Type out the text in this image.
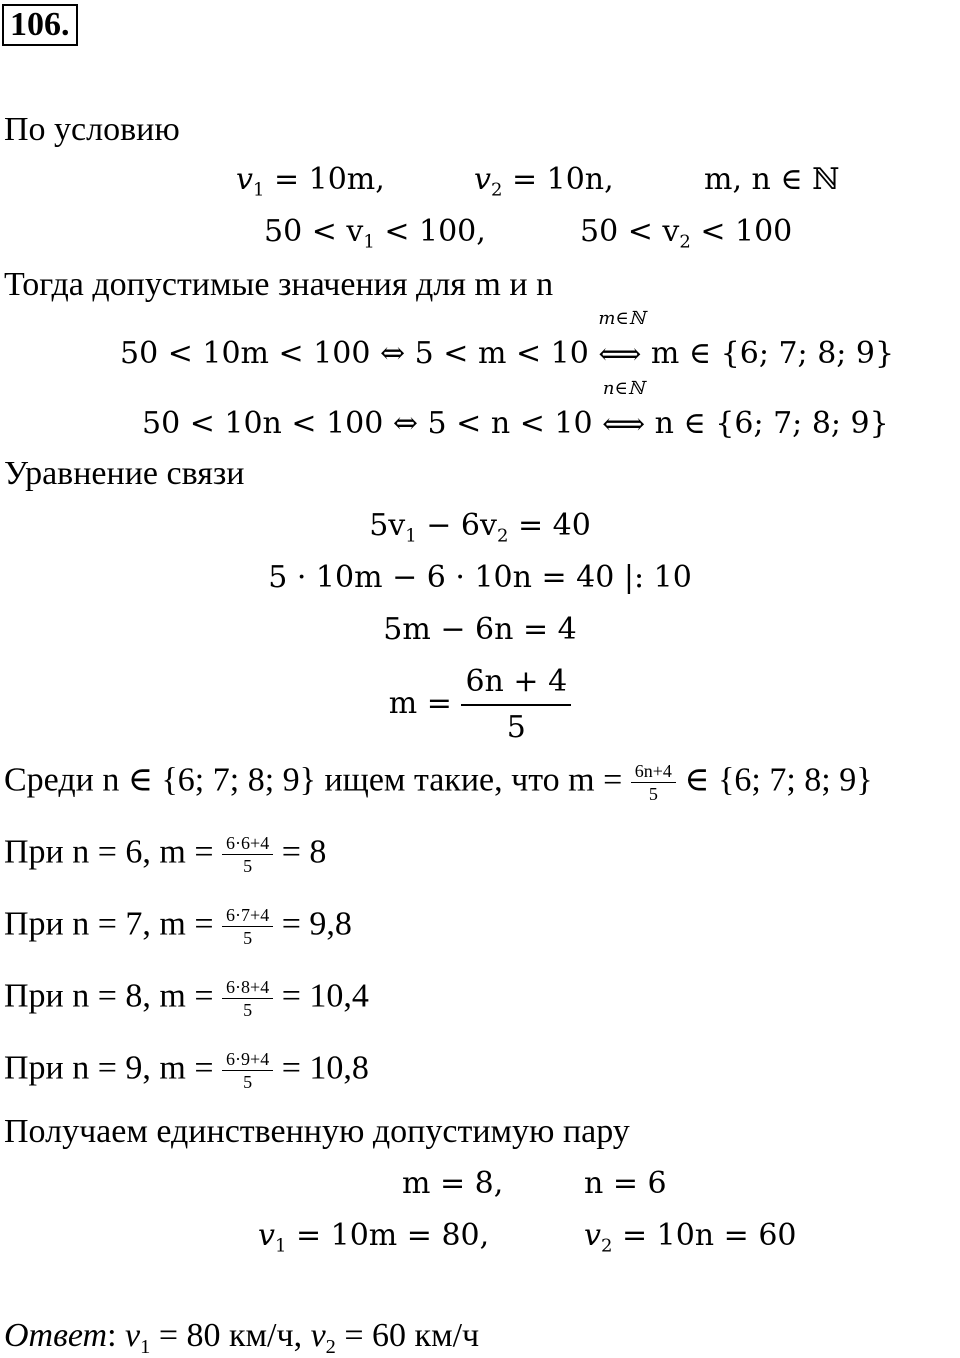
106.
По условию
$v_1 = 10m$,	$v_2 = 10n$,	m, n ∈ ℕ
$50 < v_1 < 100$,	$50 < v_2 < 100$
Тогда допустимые значения для m и n
50 < 10m < 100 ⇔ 5 < m < 10
m∈ℕ
⟺ m ∈ {6; 7; 8; 9}
50 < 10n < 100 ⇔ 5 < n < 10
n∈ℕ
⟺ n ∈ {6; 7; 8; 9}
Уравнение связи
$5v_1 - 6v_2 = 40$
5 · 10m − 6 · 10n = 40 |: 10
5m − 6n = 4
$m = \frac{6n + 4}{5}$
Среди n ∈ {6; 7; 8; 9} ищем такие, что $m = \frac{6n+4}{5}$ ∈ {6; 7; 8; 9}
При n = 6, $m = \frac{6\cdot 6+4}{5} = 8$
При n = 7, $m = \frac{6\cdot 7+4}{5} = 9,8$
При n = 8, $m = \frac{6\cdot 8+4}{5} = 10,4$
При n = 9, $m = \frac{6\cdot 9+4}{5} = 10,8$
Получаем единственную допустимую пару
m = 8,	n = 6
$v_1 = 10m = 80$,	$v_2 = 10n = 60$
Ответ: $v_1 = 80$ км/ч, $v_2 = 60$ км/ч
